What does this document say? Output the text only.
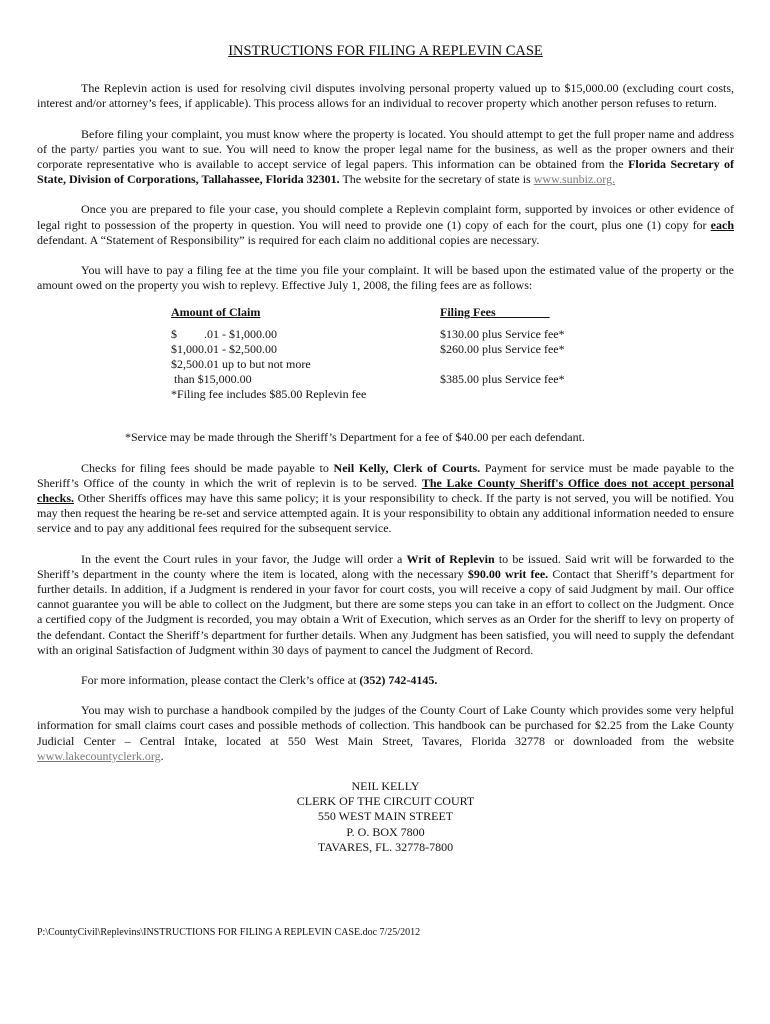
INSTRUCTIONS FOR FILING A REPLEVIN CASE

The Replevin action is used for resolving civil disputes involving personal property valued up to $15,000.00 (excluding court costs, interest and/or attorney’s fees, if applicable). This process allows for an individual to recover property which another person refuses to return.

Before filing your complaint, you must know where the property is located. You should attempt to get the full proper name and address of the party/ parties you want to sue. You will need to know the proper legal name for the business, as well as the proper owners and their corporate representative who is available to accept service of legal papers. This information can be obtained from the Florida Secretary of State, Division of Corporations, Tallahassee, Florida 32301. The website for the secretary of state is www.sunbiz.org.

Once you are prepared to file your case, you should complete a Replevin complaint form, supported by invoices or other evidence of legal right to possession of the property in question. You will need to provide one (1) copy of each for the court, plus one (1) copy for each defendant. A “Statement of Responsibility” is required for each claim no additional copies are necessary.

You will have to pay a filing fee at the time you file your complaint. It will be based upon the estimated value of the property or the amount owed on the property you wish to replevy. Effective July 1, 2008, the filing fees are as follows:

Amount of Claim	Filing Fees
$         .01 - $1,000.00	$130.00 plus Service fee*
$1,000.01 - $2,500.00	$260.00 plus Service fee*
$2,500.01 up to but not more
than $15,000.00	$385.00 plus Service fee*
*Filing fee includes $85.00 Replevin fee

*Service may be made through the Sheriff’s Department for a fee of $40.00 per each defendant.

Checks for filing fees should be made payable to Neil Kelly, Clerk of Courts. Payment for service must be made payable to the Sheriff’s Office of the county in which the writ of replevin is to be served. The Lake County Sheriff's Office does not accept personal checks. Other Sheriffs offices may have this same policy; it is your responsibility to check. If the party is not served, you will be notified. You may then request the hearing be re-set and service attempted again. It is your responsibility to obtain any additional information needed to ensure service and to pay any additional fees required for the subsequent service.

In the event the Court rules in your favor, the Judge will order a Writ of Replevin to be issued. Said writ will be forwarded to the Sheriff’s department in the county where the item is located, along with the necessary $90.00 writ fee. Contact that Sheriff’s department for further details. In addition, if a Judgment is rendered in your favor for court costs, you will receive a copy of said Judgment by mail. Our office cannot guarantee you will be able to collect on the Judgment, but there are some steps you can take in an effort to collect on the Judgment. Once a certified copy of the Judgment is recorded, you may obtain a Writ of Execution, which serves as an Order for the sheriff to levy on property of the defendant. Contact the Sheriff’s department for further details. When any Judgment has been satisfied, you will need to supply the defendant with an original Satisfaction of Judgment within 30 days of payment to cancel the Judgment of Record.

For more information, please contact the Clerk’s office at (352) 742-4145.

You may wish to purchase a handbook compiled by the judges of the County Court of Lake County which provides some very helpful information for small claims court cases and possible methods of collection. This handbook can be purchased for $2.25 from the Lake County Judicial Center – Central Intake, located at 550 West Main Street, Tavares, Florida 32778 or downloaded from the website www.lakecountyclerk.org.

NEIL KELLY
CLERK OF THE CIRCUIT COURT
550 WEST MAIN STREET
P. O. BOX 7800
TAVARES, FL. 32778-7800
P:\CountyCivil\Replevins\INSTRUCTIONS FOR FILING A REPLEVIN CASE.doc 7/25/2012
